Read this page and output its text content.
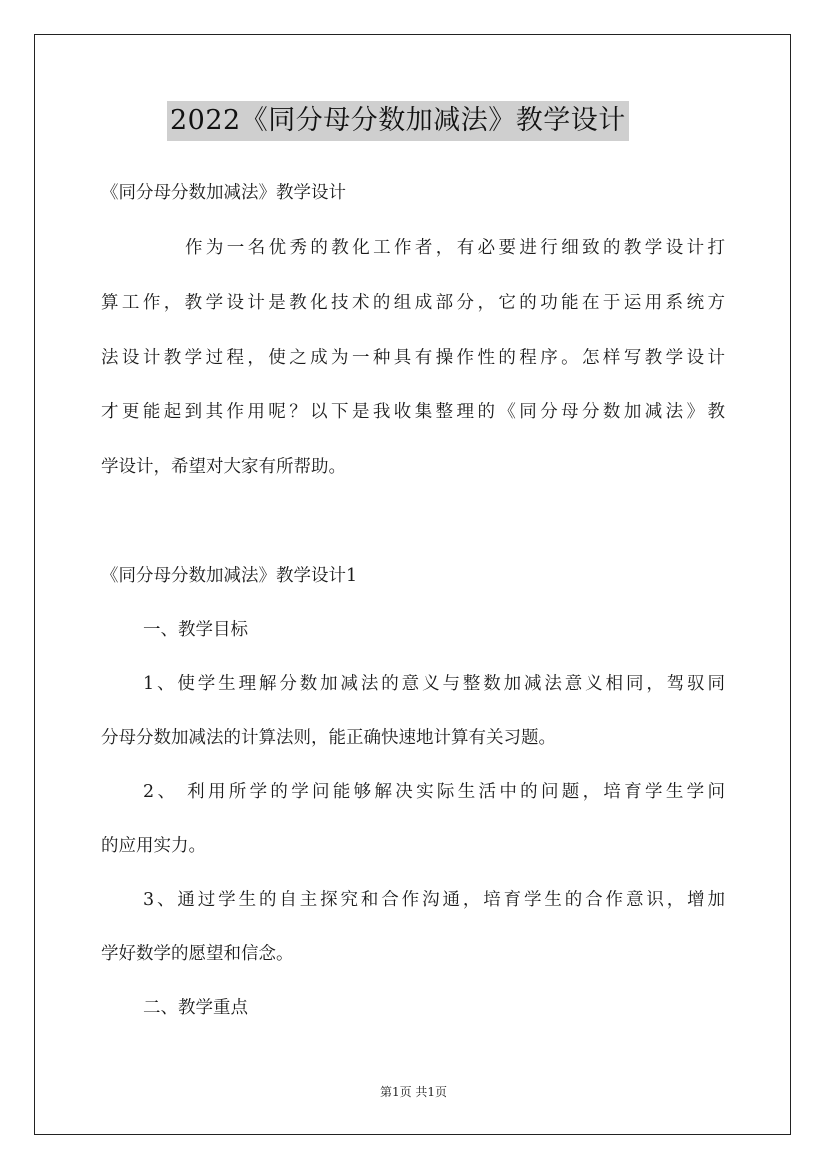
2022《同分母分数加减法》教学设计
《同分母分数加减法》教学设计
作为一名优秀的教化工作者，有必要进行细致的教学设计打
算工作，教学设计是教化技术的组成部分，它的功能在于运用系统方
法设计教学过程，使之成为一种具有操作性的程序。怎样写教学设计
才更能起到其作用呢？以下是我收集整理的《同分母分数加减法》教
学设计，希望对大家有所帮助。
《同分母分数加减法》教学设计1
一、教学目标
1、使学生理解分数加减法的意义与整数加减法意义相同，驾驭同
分母分数加减法的计算法则，能正确快速地计算有关习题。
2、 利用所学的学问能够解决实际生活中的问题，培育学生学问
的应用实力。
3、通过学生的自主探究和合作沟通，培育学生的合作意识，增加
学好数学的愿望和信念。
二、教学重点
第1页 共1页
